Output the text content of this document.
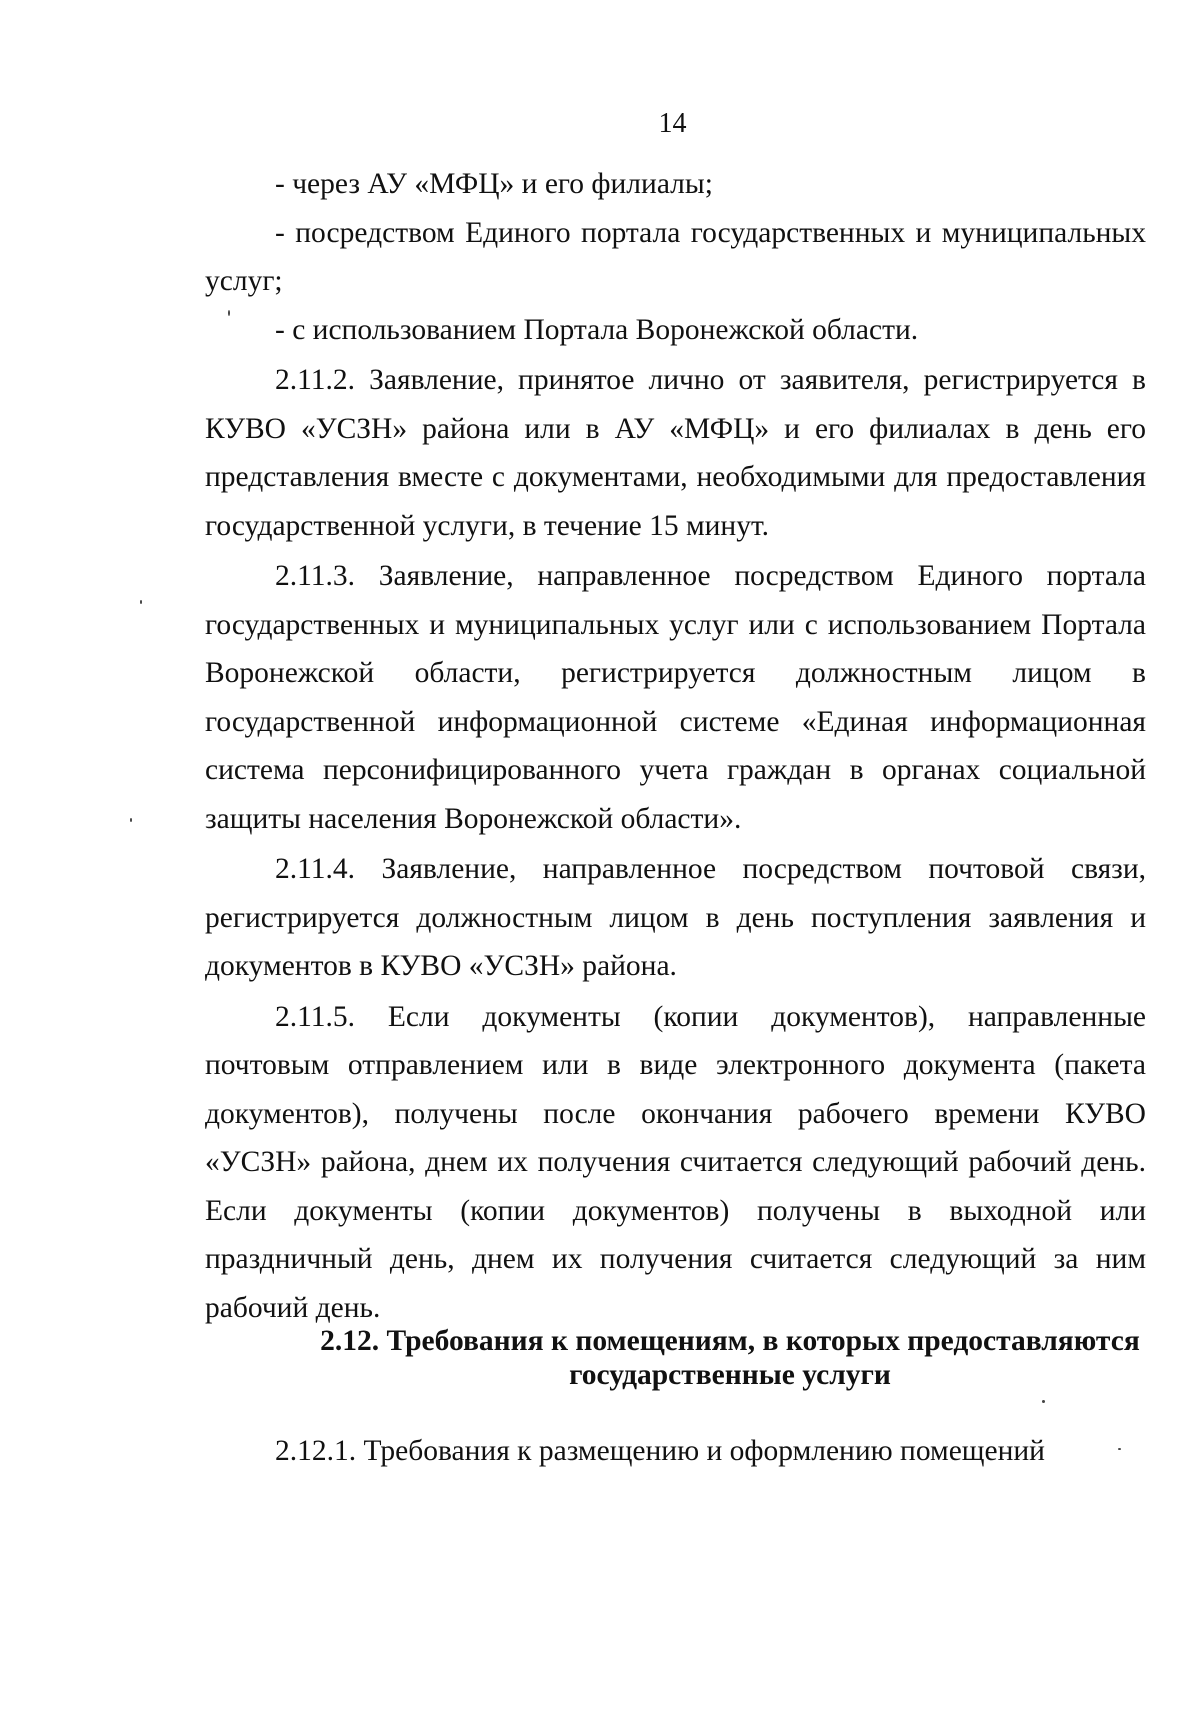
14

- через АУ «МФЦ» и его филиалы;

- посредством Единого портала государственных и муниципальных услуг;

- с использованием Портала Воронежской области.

2.11.2. Заявление, принятое лично от заявителя, регистрируется в КУВО «УСЗН» района или в АУ «МФЦ» и его филиалах в день его представления вместе с документами, необходимыми для предоставления государственной услуги, в течение 15 минут.

2.11.3. Заявление, направленное посредством Единого портала государственных и муниципальных услуг или с использованием Портала Воронежской области, регистрируется должностным лицом в государственной информационной системе «Единая информационная система персонифицированного учета граждан в органах социальной защиты населения Воронежской области».

2.11.4. Заявление, направленное посредством почтовой связи, регистрируется должностным лицом в день поступления заявления и документов в КУВО «УСЗН» района.

2.11.5. Если документы (копии документов), направленные почтовым отправлением или в виде электронного документа (пакета документов), получены после окончания рабочего времени КУВО «УСЗН» района, днем их получения считается следующий рабочий день. Если документы (копии документов) получены в выходной или праздничный день, днем их получения считается следующий за ним рабочий день.

2.12. Требования к помещениям, в которых предоставляются
государственные услуги
2.12.1. Требования к размещению и оформлению помещений
